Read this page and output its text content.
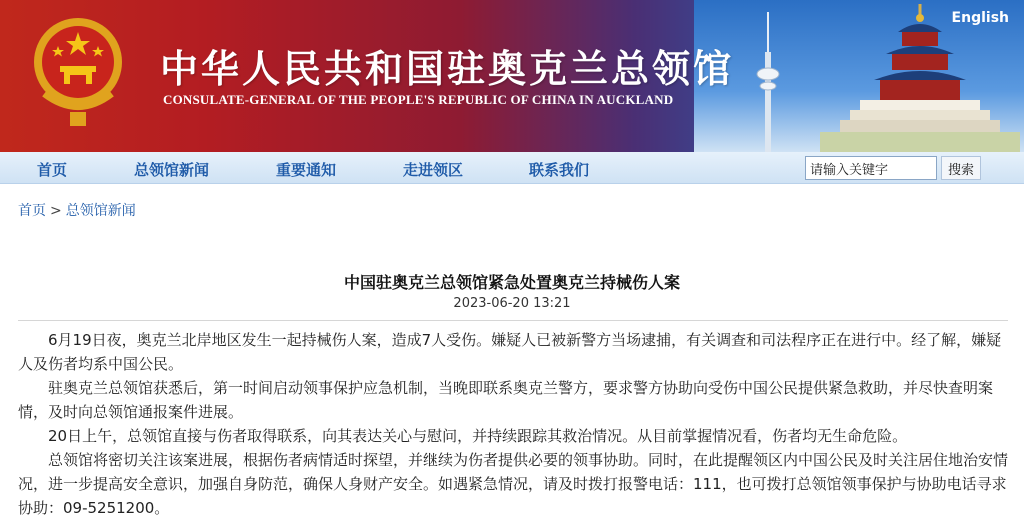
中华人民共和国驻奥克兰总领馆
CONSULATE-GENERAL OF THE PEOPLE'S REPUBLIC OF CHINA IN AUCKLAND
English
首页	总领馆新闻	重要通知	走进领区	联系我们
请输入关键字	搜索
首页 > 总领馆新闻
中国驻奥克兰总领馆紧急处置奥克兰持械伤人案
2023-06-20 13:21

6月19日夜，奥克兰北岸地区发生一起持械伤人案，造成7人受伤。嫌疑人已被新警方当场逮捕，有关调查和司法程序正在进行中。经了解，嫌疑人及伤者均系中国公民。

驻奥克兰总领馆获悉后，第一时间启动领事保护应急机制，当晚即联系奥克兰警方，要求警方协助向受伤中国公民提供紧急救助，并尽快查明案情，及时向总领馆通报案件进展。

20日上午，总领馆直接与伤者取得联系，向其表达关心与慰问，并持续跟踪其救治情况。从目前掌握情况看，伤者均无生命危险。

总领馆将密切关注该案进展，根据伤者病情适时探望，并继续为伤者提供必要的领事协助。同时，在此提醒领区内中国公民及时关注居住地治安情况，进一步提高安全意识，加强自身防范，确保人身财产安全。如遇紧急情况，请及时拨打报警电话：111，也可拨打总领馆领事保护与协助电话寻求协助：09-5251200。
